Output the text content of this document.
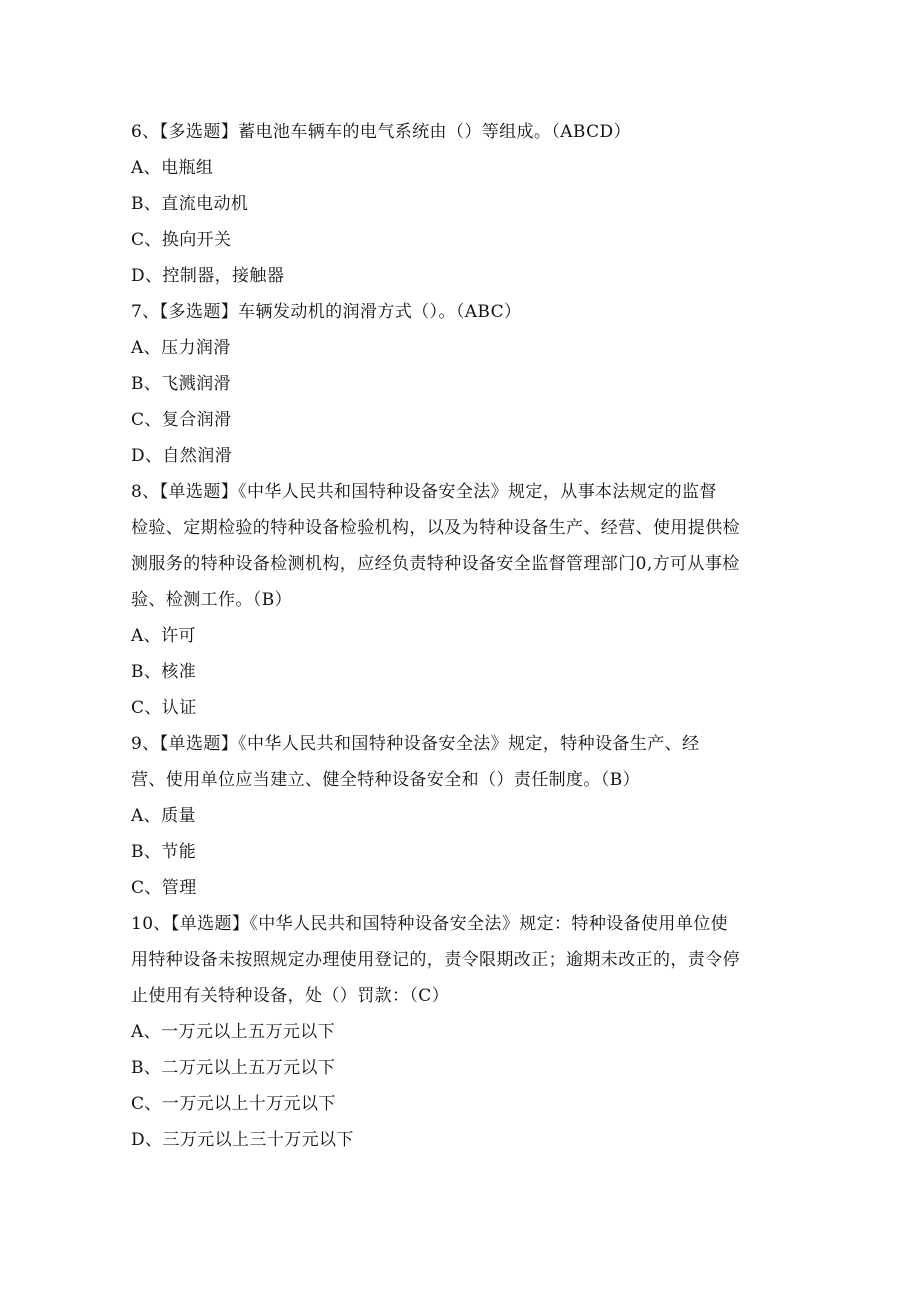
6、【多选题】蓄电池车辆车的电气系统由（）等组成。（ABCD）
A、电瓶组
B、直流电动机
C、换向开关
D、控制器，接触器
7、【多选题】车辆发动机的润滑方式（）。（ABC）
A、压力润滑
B、飞溅润滑
C、复合润滑
D、自然润滑
8、【单选题】《中华人民共和国特种设备安全法》规定，从事本法规定的监督
检验、定期检验的特种设备检验机构，以及为特种设备生产、经营、使用提供检
测服务的特种设备检测机构，应经负责特种设备安全监督管理部门0,方可从事检
验、检测工作。（B）
A、许可
B、核准
C、认证
9、【单选题】《中华人民共和国特种设备安全法》规定，特种设备生产、经
营、使用单位应当建立、健全特种设备安全和（）责任制度。（B）
A、质量
B、节能
C、管理
10、【单选题】《中华人民共和国特种设备安全法》规定：特种设备使用单位使
用特种设备未按照规定办理使用登记的，责令限期改正；逾期未改正的，责令停
止使用有关特种设备，处（）罚款：（C）
A、一万元以上五万元以下
B、二万元以上五万元以下
C、一万元以上十万元以下
D、三万元以上三十万元以下
